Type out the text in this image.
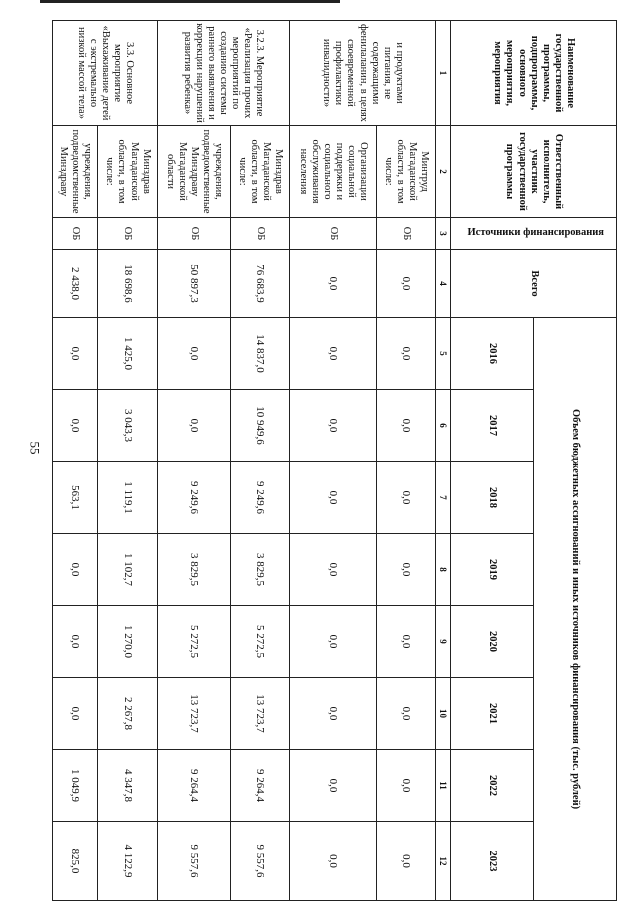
55
Наименование государственной программы, подпрограммы, основного мероприятия, мероприятия	Ответственный исполнитель, участник государственной программы	Источники финансирования	Всего	Объем бюджетных ассигнований и иных источников финансирования (тыс. рублей)							
				2016	2017	2018	2019	2020	2021	2022	2023
1	2	3	4	5	6	7	8	9	10	11	12
и продуктами питания, не содержащими фенилаланин, в целях своевременной профилактики инвалидности»	Минтруд Магаданской области, в том числе:	ОБ	0,0	0,0	0,0	0,0	0,0	0,0	0,0	0,0	0,0
	Организации социальной поддержки и социального обслуживания населения	ОБ	0,0	0,0	0,0	0,0	0,0	0,0	0,0	0,0	0,0
3.2.3. Мероприятие «Реализация прочих мероприятий по созданию системы раннего выявления и коррекции нарушений развития ребенка»	Минздрав Магаданской области, в том числе:	ОБ	76 683,9	14 837,0	10 949,6	9 249,6	3 829,5	5 272,5	13 723,7	9 264,4	9 557,6
	учреждения, подведомственные Минздраву Магаданской области	ОБ	50 897,3	0,0	0,0	9 249,6	3 829,5	5 272,5	13 723,7	9 264,4	9 557,6
3.3. Основное мероприятие «Выхаживание детей с экстремально низкой массой тела»	Минздрав Магаданской области, в том числе:	ОБ	18 698,6	1 425,0	3 043,3	1 119,1	1 102,7	1 270,0	2 267,8	4 347,8	4 122,9
	учреждения, подведомственные Минздраву	ОБ	2 438,0	0,0	0,0	563,1	0,0	0,0	0,0	1 049,9	825,0
